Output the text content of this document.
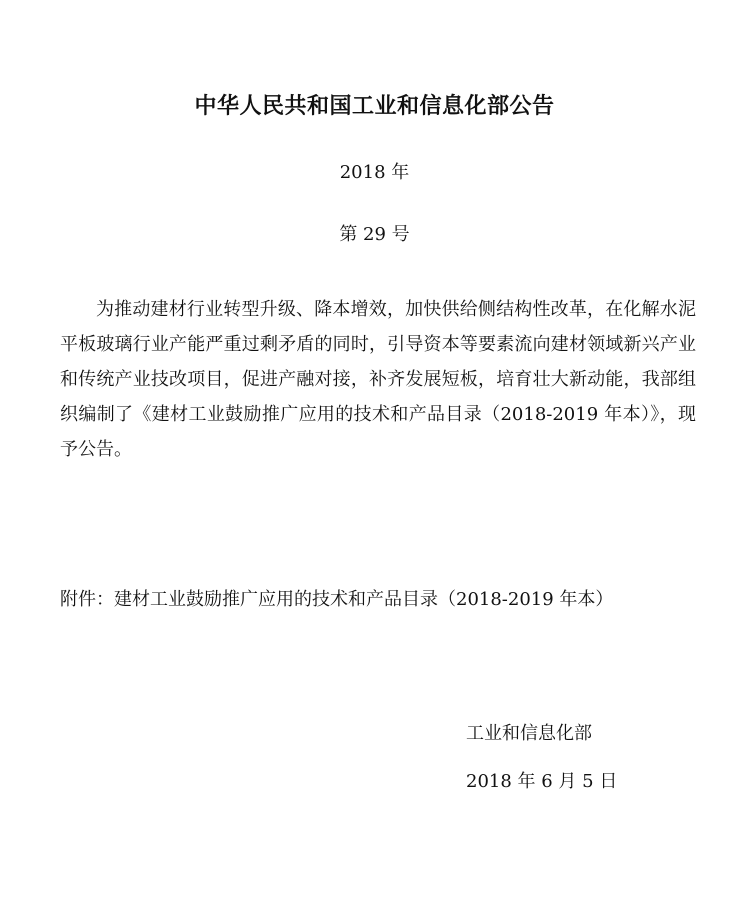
中华人民共和国工业和信息化部公告
2018 年
第 29 号

为推动建材行业转型升级、降本增效，加快供给侧结构性改革，在化解水泥平板玻璃行业产能严重过剩矛盾的同时，引导资本等要素流向建材领域新兴产业和传统产业技改项目，促进产融对接，补齐发展短板，培育壮大新动能，我部组织编制了《建材工业鼓励推广应用的技术和产品目录（2018-2019 年本）》，现予公告。

附件：建材工业鼓励推广应用的技术和产品目录（2018-2019 年本）
工业和信息化部
2018 年 6 月 5 日
